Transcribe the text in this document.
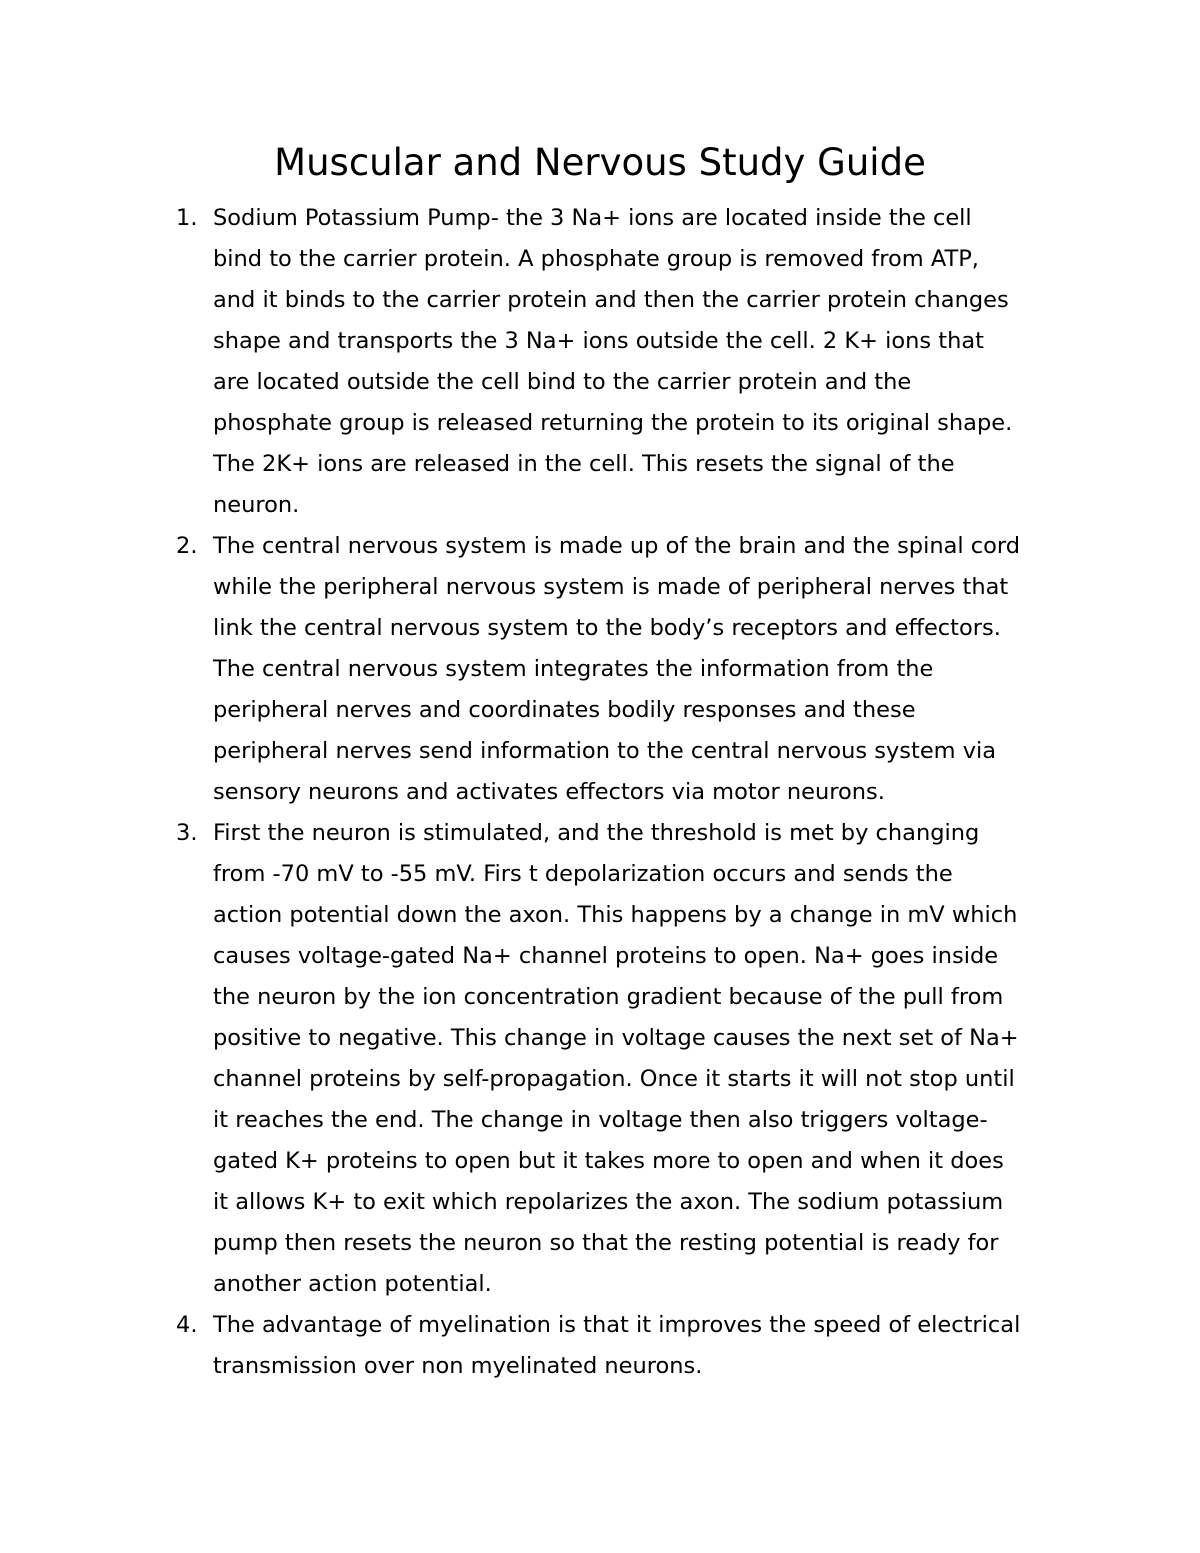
Muscular and Nervous Study Guide
1. Sodium Potassium Pump- the 3 Na+ ions are located inside the cell
bind to the carrier protein. A phosphate group is removed from ATP,
and it binds to the carrier protein and then the carrier protein changes
shape and transports the 3 Na+ ions outside the cell. 2 K+ ions that
are located outside the cell bind to the carrier protein and the
phosphate group is released returning the protein to its original shape.
The 2K+ ions are released in the cell. This resets the signal of the
neuron.
2. The central nervous system is made up of the brain and the spinal cord
while the peripheral nervous system is made of peripheral nerves that
link the central nervous system to the body’s receptors and effectors.
The central nervous system integrates the information from the
peripheral nerves and coordinates bodily responses and these
peripheral nerves send information to the central nervous system via
sensory neurons and activates effectors via motor neurons.
3. First the neuron is stimulated, and the threshold is met by changing
from -70 mV to -55 mV. Firs t depolarization occurs and sends the
action potential down the axon. This happens by a change in mV which
causes voltage-gated Na+ channel proteins to open. Na+ goes inside
the neuron by the ion concentration gradient because of the pull from
positive to negative. This change in voltage causes the next set of Na+
channel proteins by self-propagation. Once it starts it will not stop until
it reaches the end. The change in voltage then also triggers voltage-
gated K+ proteins to open but it takes more to open and when it does
it allows K+ to exit which repolarizes the axon. The sodium potassium
pump then resets the neuron so that the resting potential is ready for
another action potential.
4. The advantage of myelination is that it improves the speed of electrical
transmission over non myelinated neurons.
